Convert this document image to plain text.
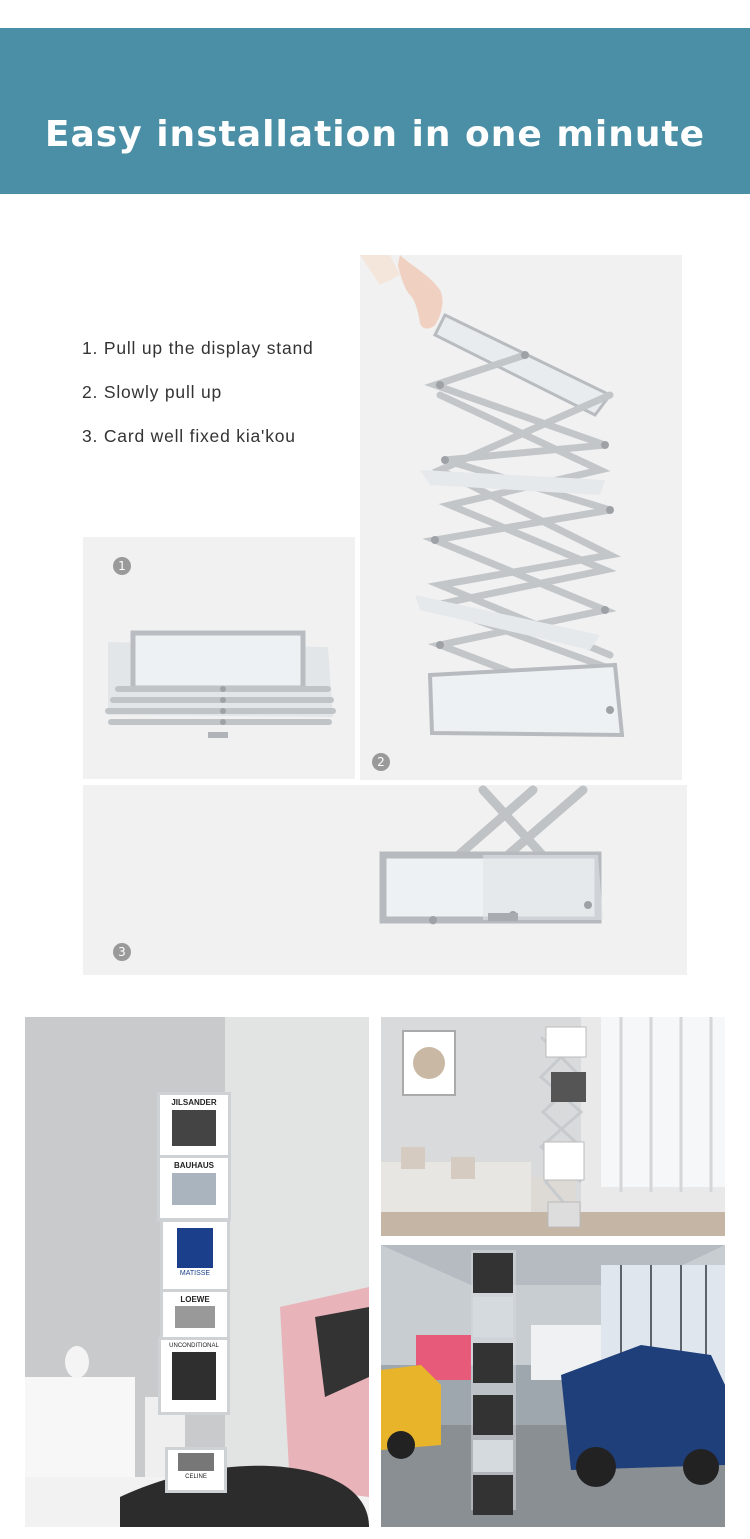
Easy installation in one minute
1. Pull up the display stand
2. Slowly pull up
3. Card well fixed kia'kou
2
1
3
JILSANDER
BAUHAUS
MATISSE
LOEWE
UNCONDITIONAL
CELINE
